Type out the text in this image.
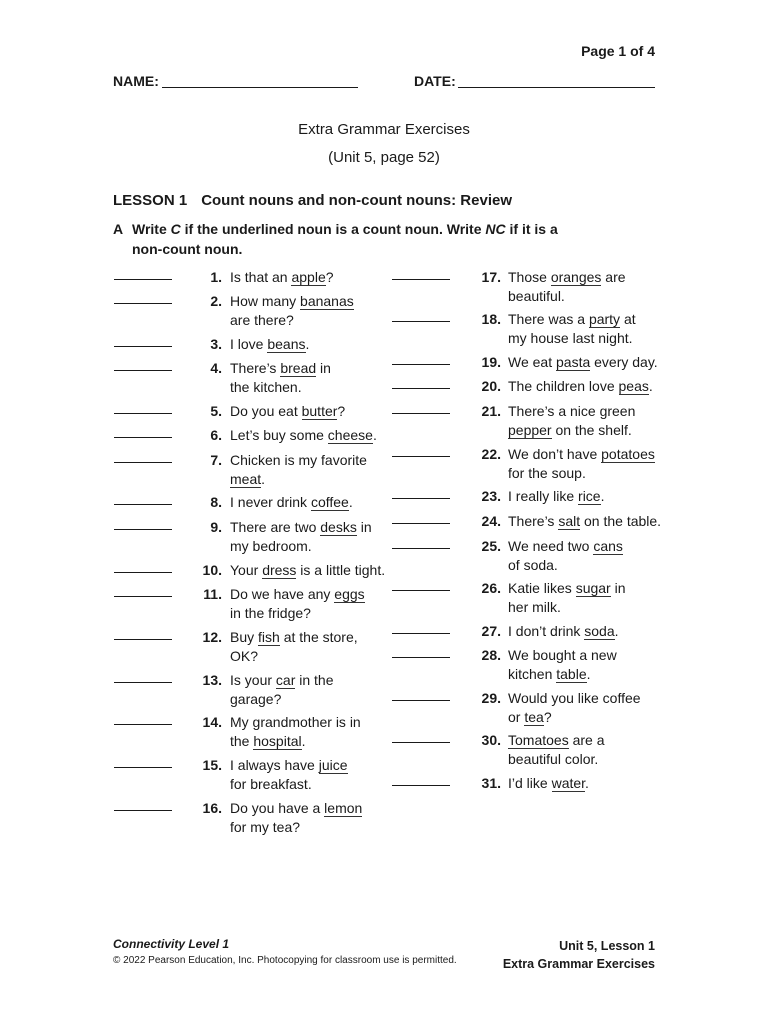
Page 1 of 4
NAME:	DATE:
Extra Grammar Exercises
(Unit 5, page 52)
LESSON 1 Count nouns and non-count nouns: Review
A Write C if the underlined noun is a count noun. Write NC if it is a
non-count noun.
1. Is that an apple?
2. How many bananas
are there?
3. I love beans.
4. There’s bread in
the kitchen.
5. Do you eat butter?
6. Let’s buy some cheese.
7. Chicken is my favorite
meat.
8. I never drink coffee.
9. There are two desks in
my bedroom.
10. Your dress is a little tight.
11. Do we have any eggs
in the fridge?
12. Buy fish at the store,
OK?
13. Is your car in the
garage?
14. My grandmother is in
the hospital.
15. I always have juice
for breakfast.
16. Do you have a lemon
for my tea?
17. Those oranges are
beautiful.
18. There was a party at
my house last night.
19. We eat pasta every day.
20. The children love peas.
21. There’s a nice green
pepper on the shelf.
22. We don’t have potatoes
for the soup.
23. I really like rice.
24. There’s salt on the table.
25. We need two cans
of soda.
26. Katie likes sugar in
her milk.
27. I don’t drink soda.
28. We bought a new
kitchen table.
29. Would you like coffee
or tea?
30. Tomatoes are a
beautiful color.
31. I’d like water.
Connectivity Level 1
© 2022 Pearson Education, Inc. Photocopying for classroom use is permitted.
Unit 5, Lesson 1
Extra Grammar Exercises
